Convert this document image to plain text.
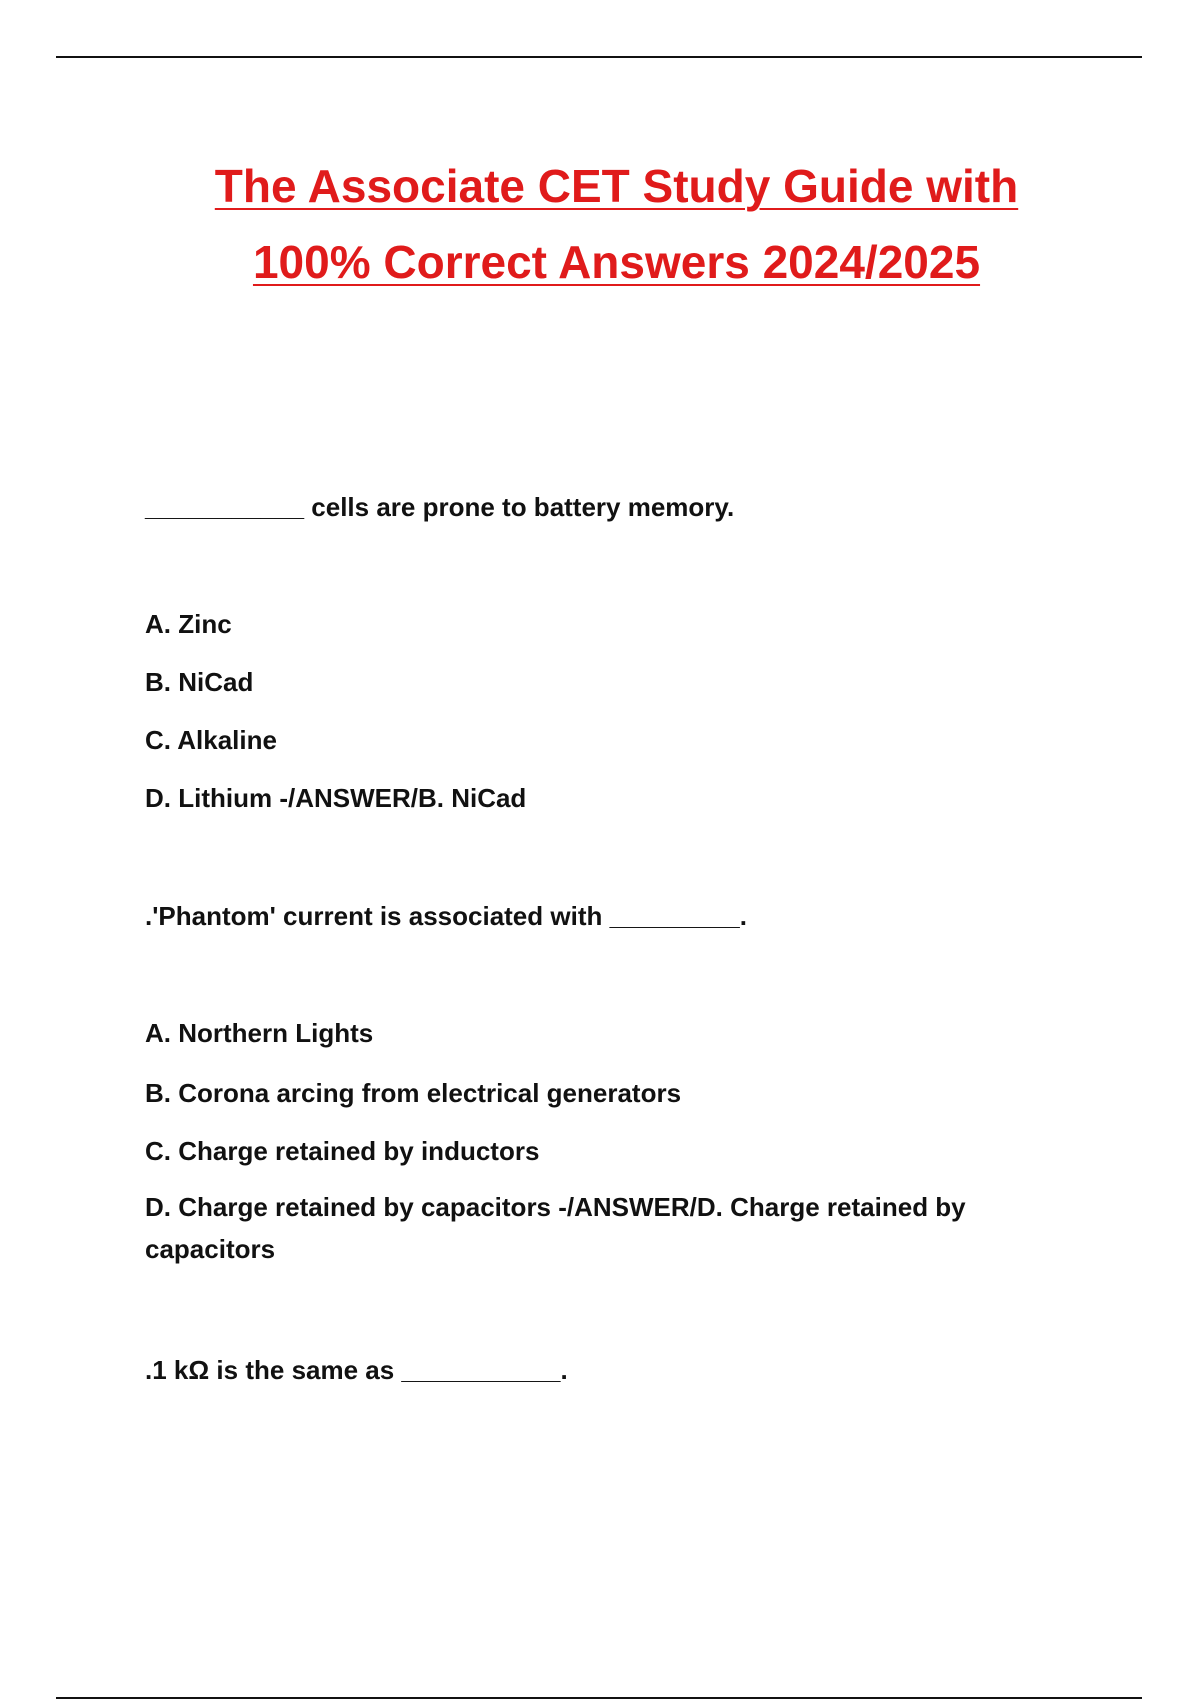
The Associate CET Study Guide with
100% Correct Answers 2024/2025
___________ cells are prone to battery memory.
A. Zinc
B. NiCad
C. Alkaline
D. Lithium -/ANSWER/B. NiCad
.'Phantom' current is associated with _________.
A. Northern Lights
B. Corona arcing from electrical generators
C. Charge retained by inductors
D. Charge retained by capacitors -/ANSWER/D. Charge retained by capacitors
.1 kΩ is the same as ___________.
